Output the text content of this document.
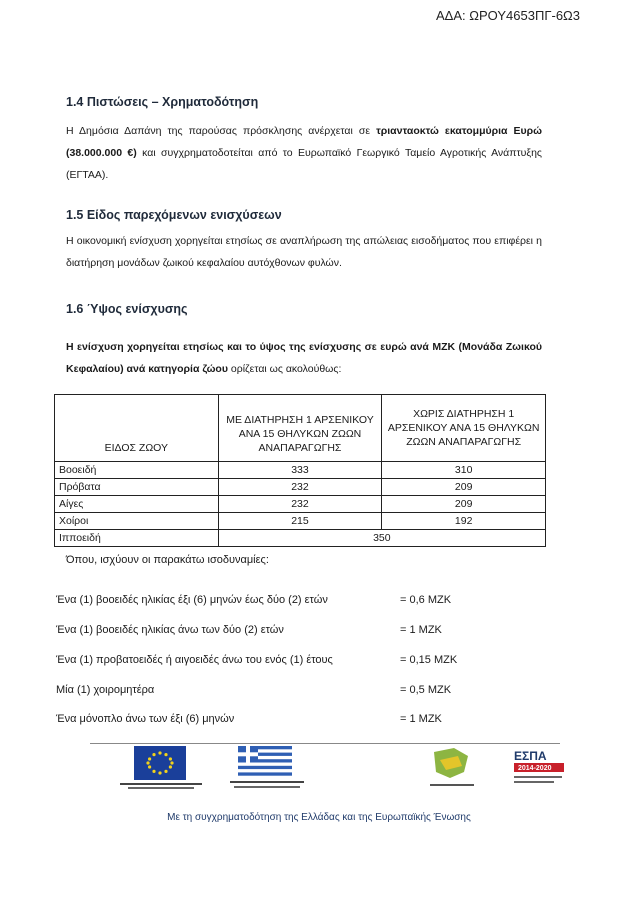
ΑΔΑ: ΩΡΟΥ4653ΠΓ-6Ω3
1.4 Πιστώσεις – Χρηματοδότηση
Η Δημόσια Δαπάνη της παρούσας πρόσκλησης ανέρχεται σε τριανταοκτώ εκατομμύρια Ευρώ (38.000.000 €) και συγχρηματοδοτείται από το Ευρωπαϊκό Γεωργικό Ταμείο Αγροτικής Ανάπτυξης (ΕΓΤΑΑ).
1.5 Είδος παρεχόμενων ενισχύσεων
Η οικονομική ενίσχυση χορηγείται ετησίως σε αναπλήρωση της απώλειας εισοδήματος που επιφέρει η διατήρηση μονάδων ζωικού κεφαλαίου αυτόχθονων φυλών.
1.6 Ύψος ενίσχυσης
Η ενίσχυση χορηγείται ετησίως και το ύψος της ενίσχυσης σε ευρώ ανά ΜΖΚ (Μονάδα Ζωικού Κεφαλαίου) ανά κατηγορία ζώου ορίζεται ως ακολούθως:
ΕΙΔΟΣ ΖΩΟΥ	ΜΕ ΔΙΑΤΗΡΗΣΗ 1 ΑΡΣΕΝΙΚΟΥ ΑΝΑ 15 ΘΗΛΥΚΩΝ ΖΩΩΝ ΑΝΑΠΑΡΑΓΩΓΗΣ	ΧΩΡΙΣ ΔΙΑΤΗΡΗΣΗ 1 ΑΡΣΕΝΙΚΟΥ ΑΝΑ 15 ΘΗΛΥΚΩΝ ΖΩΩΝ ΑΝΑΠΑΡΑΓΩΓΗΣ
Βοοειδή	333	310
Πρόβατα	232	209
Αίγες	232	209
Χοίροι	215	192
Ιπποειδή	350	
Όπου, ισχύουν οι παρακάτω ισοδυναμίες:
Ένα (1) βοοειδές ηλικίας έξι (6) μηνών έως δύο (2) ετών	= 0,6 ΜΖΚ
Ένα (1) βοοειδές ηλικίας άνω των δύο (2) ετών	= 1 ΜΖΚ
Ένα (1) προβατοειδές ή αιγοειδές άνω του ενός (1) έτους	= 0,15 ΜΖΚ
Μία (1) χοιρομητέρα	= 0,5 ΜΖΚ
Ένα μόνοπλο άνω των έξι (6) μηνών	= 1 ΜΖΚ
ΕΣΠΑ
2014-2020
Με τη συγχρηματοδότηση της Ελλάδας και της Ευρωπαϊκής Ένωσης
